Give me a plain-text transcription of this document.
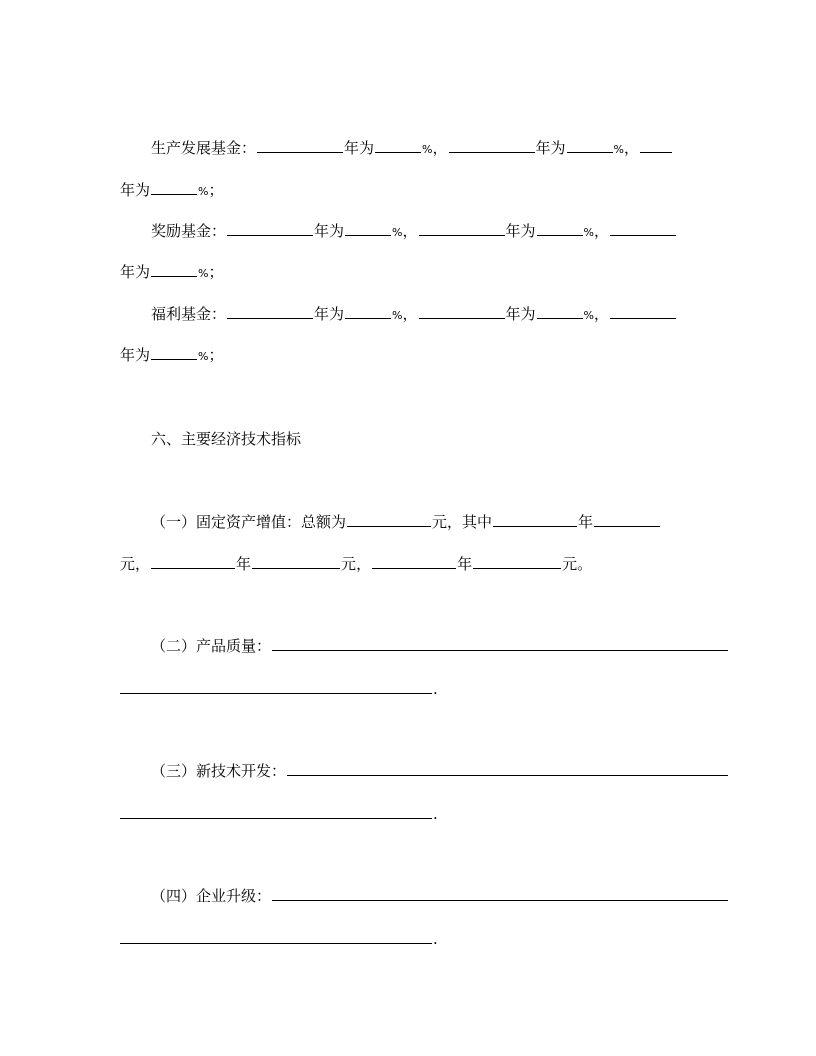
生产发展基金：	年为	%，	年为	%，
年为	%；
奖励基金：	年为	%，	年为	%，
年为	%；
福利基金：	年为	%，	年为	%，
年为	%；
六、主要经济技术指标
（一）固定资产增值：总额为	元，其中	年
元，	年	元，	年	元。
（二）产品质量：
.
（三）新技术开发：
.
（四）企业升级：
.
